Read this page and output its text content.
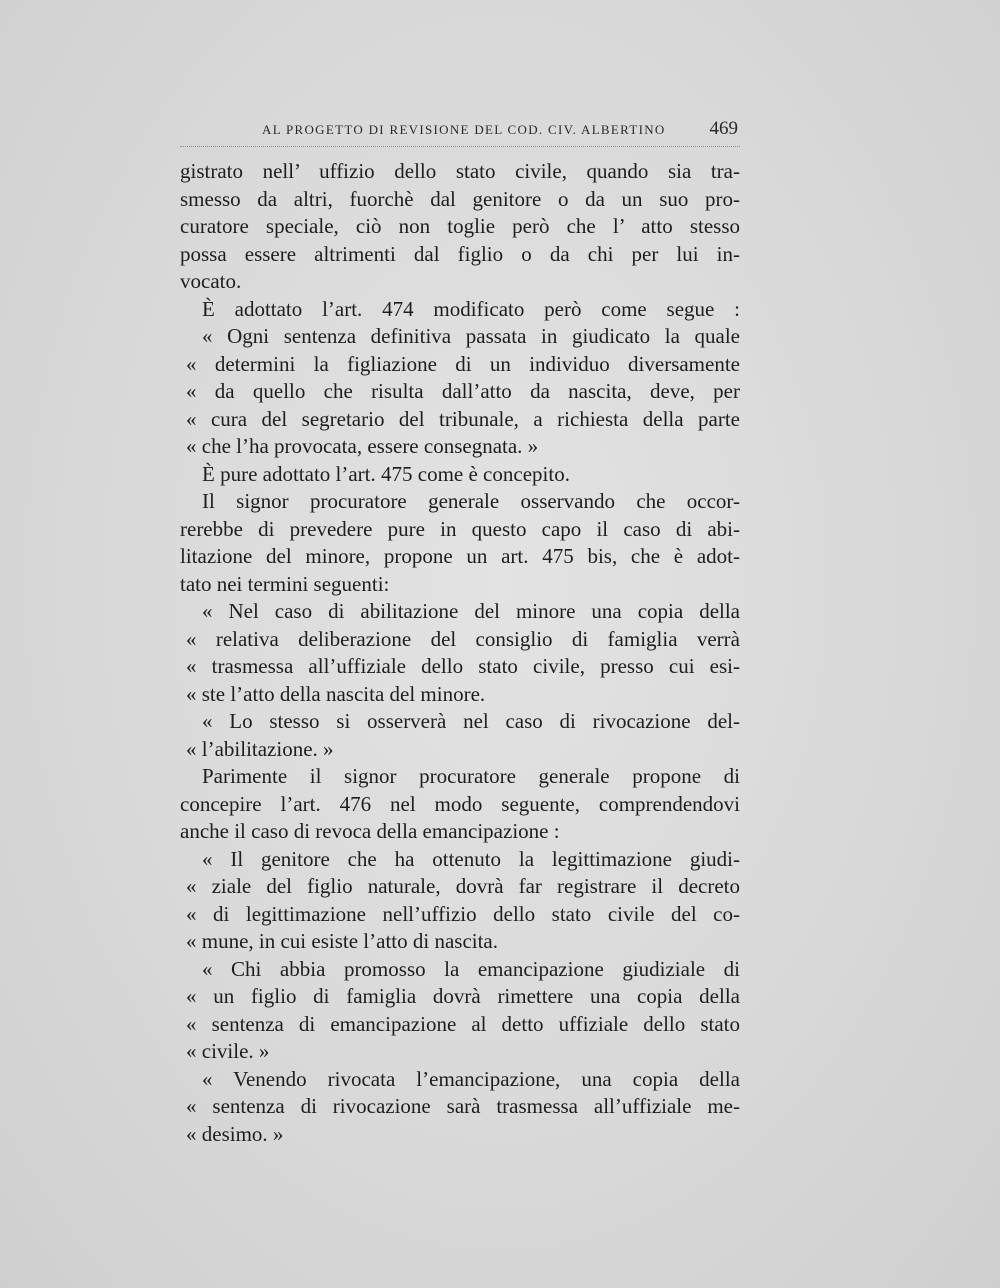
AL PROGETTO DI REVISIONE DEL COD. CIV. ALBERTINO 469
gistrato nell’ uffizio dello stato civile, quando sia tra-
smesso da altri, fuorchè dal genitore o da un suo pro-
curatore speciale, ciò non toglie però che l’ atto stesso
possa essere altrimenti dal figlio o da chi per lui in-
vocato.
È adottato l’art. 474 modificato però come segue :
« Ogni sentenza definitiva passata in giudicato la quale
« determini la figliazione di un individuo diversamente
« da quello che risulta dall’atto da nascita, deve, per
« cura del segretario del tribunale, a richiesta della parte
« che l’ha provocata, essere consegnata. »
È pure adottato l’art. 475 come è concepito.
Il signor procuratore generale osservando che occor-
rerebbe di prevedere pure in questo capo il caso di abi-
litazione del minore, propone un art. 475 bis, che è adot-
tato nei termini seguenti:
« Nel caso di abilitazione del minore una copia della
« relativa deliberazione del consiglio di famiglia verrà
« trasmessa all’uffiziale dello stato civile, presso cui esi-
« ste l’atto della nascita del minore.
« Lo stesso si osserverà nel caso di rivocazione del-
« l’abilitazione. »
Parimente il signor procuratore generale propone di
concepire l’art. 476 nel modo seguente, comprendendovi
anche il caso di revoca della emancipazione :
« Il genitore che ha ottenuto la legittimazione giudi-
« ziale del figlio naturale, dovrà far registrare il decreto
« di legittimazione nell’uffizio dello stato civile del co-
« mune, in cui esiste l’atto di nascita.
« Chi abbia promosso la emancipazione giudiziale di
« un figlio di famiglia dovrà rimettere una copia della
« sentenza di emancipazione al detto uffiziale dello stato
« civile. »
« Venendo rivocata l’emancipazione, una copia della
« sentenza di rivocazione sarà trasmessa all’uffiziale me-
« desimo. »
